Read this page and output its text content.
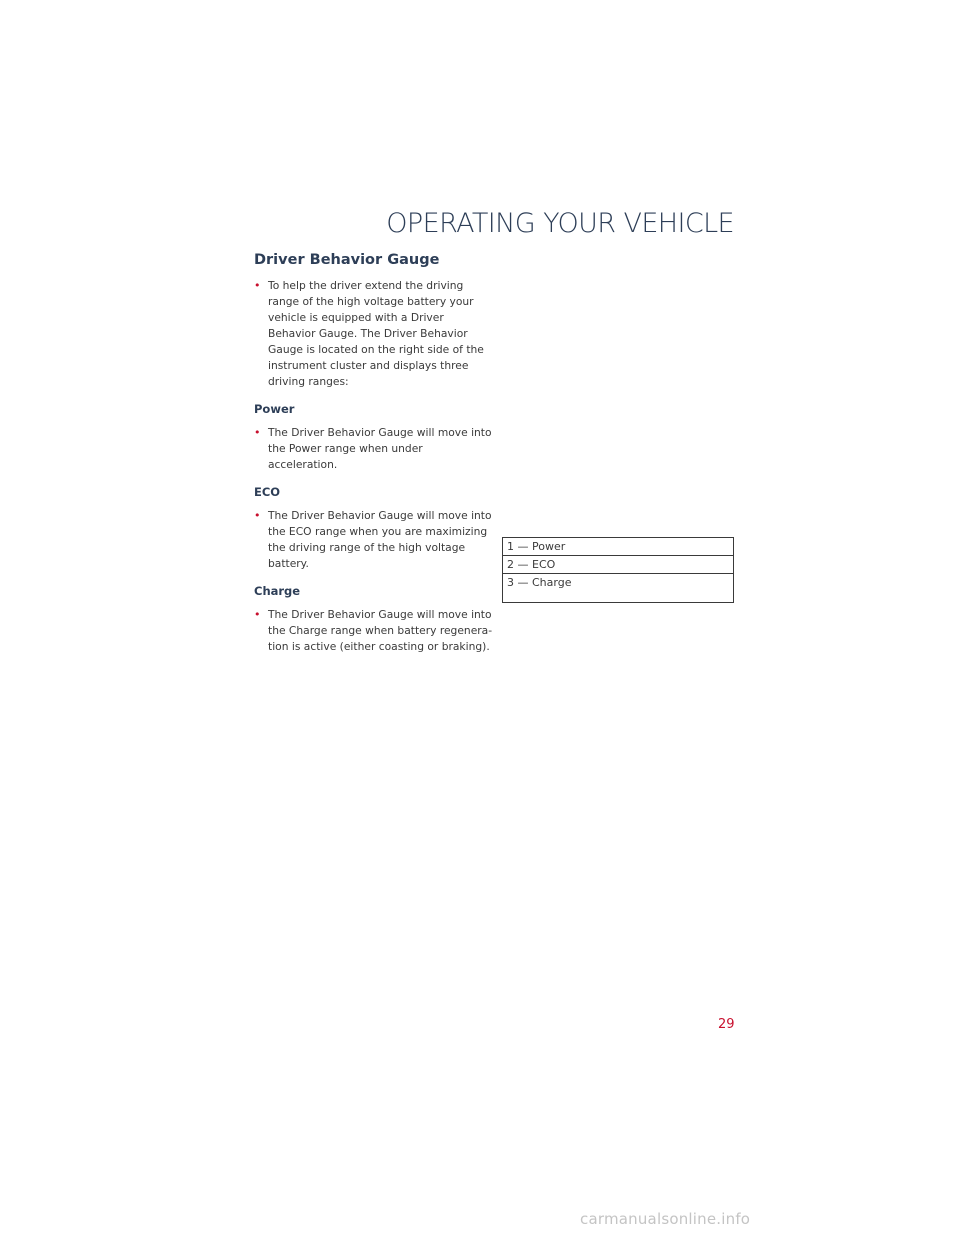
OPERATING YOUR VEHICLE
Driver Behavior Gauge
• To help the driver extend the driving range of the high voltage battery your vehicle is equipped with a Driver Behavior Gauge. The Driver Behavior Gauge is located on the right side of the instrument cluster and displays three driving ranges:
Power
• The Driver Behavior Gauge will move into the Power range when under acceleration.
ECO
• The Driver Behavior Gauge will move into the ECO range when you are maximizing the driving range of the high voltage battery.
Charge
• The Driver Behavior Gauge will move into the Charge range when battery regenera-tion is active (either coasting or braking).
1 — Power
2 — ECO
3 — Charge
29
carmanualsonline.info
